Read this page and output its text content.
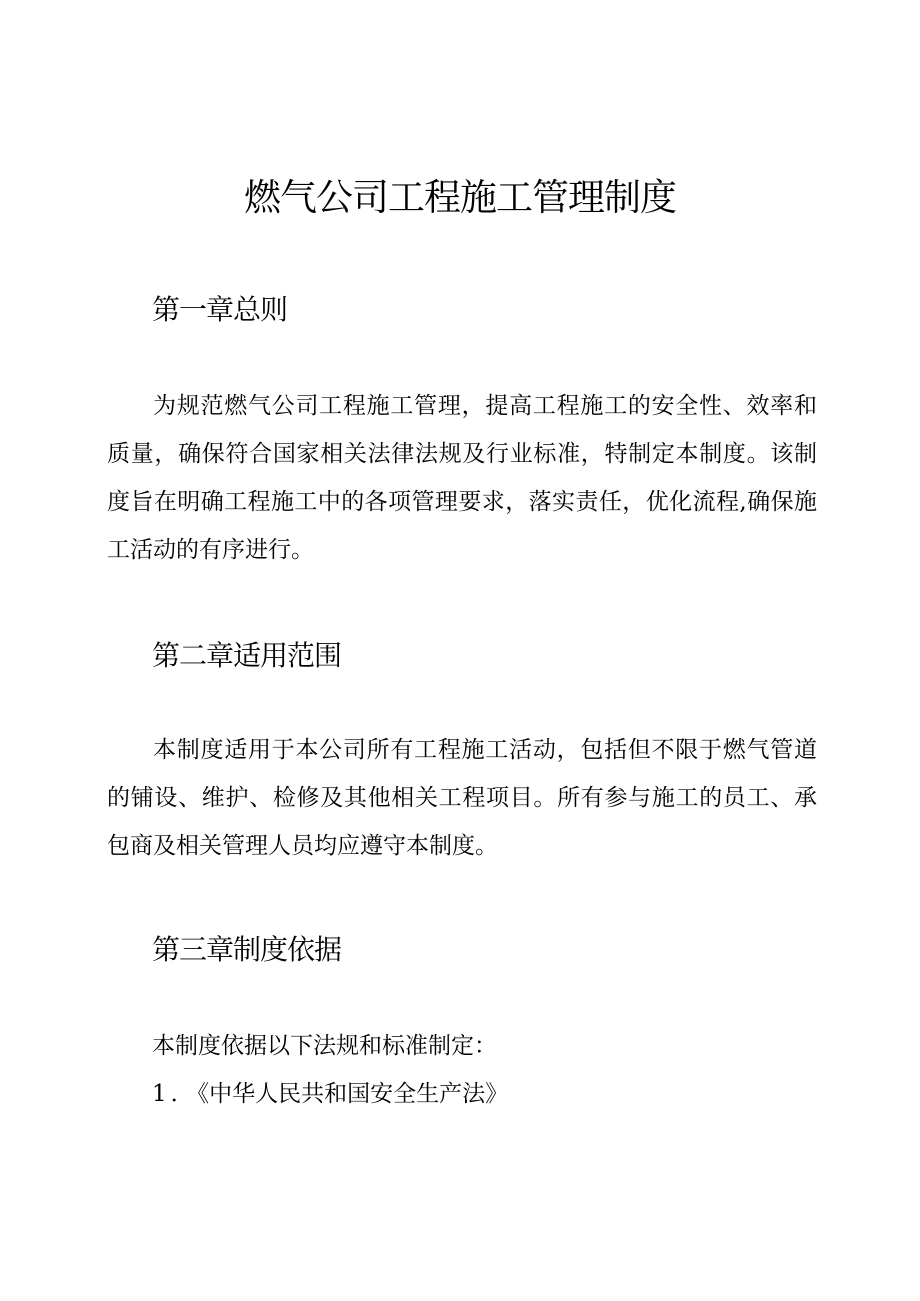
燃气公司工程施工管理制度
第一章总则

为规范燃气公司工程施工管理，提高工程施工的安全性、效率和质量，确保符合国家相关法律法规及行业标准，特制定本制度。该制度旨在明确工程施工中的各项管理要求，落实责任，优化流程,确保施工活动的有序进行。

第二章适用范围

本制度适用于本公司所有工程施工活动，包括但不限于燃气管道的铺设、维护、检修及其他相关工程项目。所有参与施工的员工、承包商及相关管理人员均应遵守本制度。

第三章制度依据

本制度依据以下法规和标准制定：

1．《中华人民共和国安全生产法》
